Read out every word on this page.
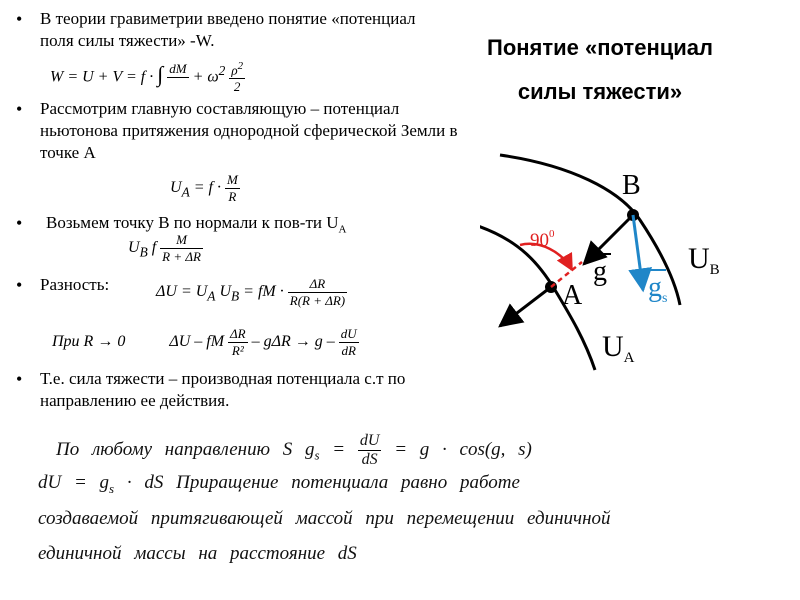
Понятие «потенциал силы тяжести»
• В теории гравиметрии введено понятие «потенциал поля силы тяжести» -W.
W = U + V = f · ∫ dM
+ $\omega^2 \frac{\rho^2}{2}$
• Рассмотрим главную составляющую – потенциал ньютонова притяжения однородной сферической Земли в точке А
$U_A = f \cdot \frac{M}{R}$
• Возьмем точку В по нормали к пов-ти $U_A$
$U_B$ f $\frac{M}{R + \Delta R}$
• Разность:	$\Delta U = U_A$ $U_B$ = fM · $\frac{\Delta R}{R(R + \Delta R)}$
При R → 0	ΔU – fM $\frac{\Delta R}{\text{R²}} - g\Delta R \to g - \frac{dU}{dR}$
• Т.е. сила тяжести – производная потенциала с.т по направлению ее действия.
По любому направлению S $g_s = \frac{dU}{dS} = g \cdot \cos(g$, s)
dU = $g_s$ · dS Приращение потенциала равно работе
создаваемой притягивающей массой при перемещении единичной
единичной массы на расстояние dS
B
A
$90^0$
g
$g_s$
$U_B$
$U_A$
